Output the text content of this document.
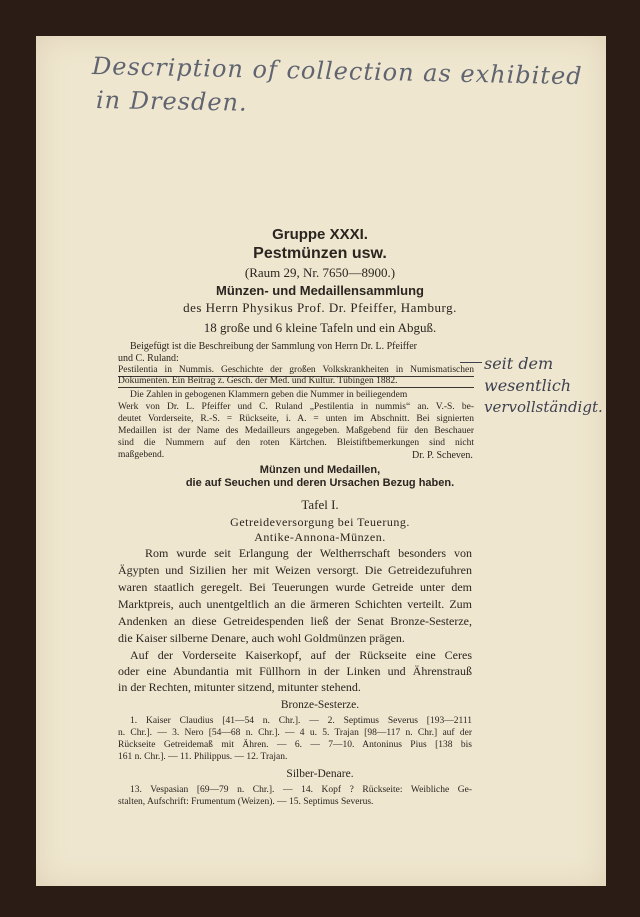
Description of collection as exhibited
in Dresden.
Gruppe XXXI.
Pestmünzen usw.
(Raum 29, Nr. 7650—8900.)
Münzen- und Medaillensammlung
des Herrn Physikus Prof. Dr. Pfeiffer, Hamburg.
18 große und 6 kleine Tafeln und ein Abguß.
Beigefügt ist die Beschreibung der Sammlung von Herrn Dr. L. Pfeiffer
und C. Ruland:
Pestilentia in Nummis. Geschichte der großen Volkskrankheiten in Numismatischen
Dokumenten. Ein Beitrag z. Gesch. der Med. und Kultur. Tübingen 1882.
Die Zahlen in gebogenen Klammern geben die Nummer in beiliegendem
Werk von Dr. L. Pfeiffer und C. Ruland „Pestilentia in nummis“ an. V.-S. be-
deutet Vorderseite, R.-S. = Rückseite, i. A. = unten im Abschnitt. Bei signierten
Medaillen ist der Name des Medailleurs angegeben. Maßgebend für den Beschauer
sind die Nummern auf den roten Kärtchen. Bleistiftbemerkungen sind nicht
maßgebend.	Dr. P. Scheven.
seit dem
wesentlich
vervollständigt.
Münzen und Medaillen,
die auf Seuchen und deren Ursachen Bezug haben.
Tafel I.
Getreideversorgung bei Teuerung.
Antike-Annona-Münzen.
Rom wurde seit Erlangung der Weltherrschaft besonders von
Ägypten und Sizilien her mit Weizen versorgt. Die Getreidezufuhren
waren staatlich geregelt. Bei Teuerungen wurde Getreide unter dem
Marktpreis, auch unentgeltlich an die ärmeren Schichten verteilt. Zum
Andenken an diese Getreidespenden ließ der Senat Bronze-Sesterze,
die Kaiser silberne Denare, auch wohl Goldmünzen prägen.
Auf der Vorderseite Kaiserkopf, auf der Rückseite eine Ceres
oder eine Abundantia mit Füllhorn in der Linken und Ährenstrauß
in der Rechten, mitunter sitzend, mitunter stehend.
Bronze-Sesterze.
1. Kaiser Claudius [41—54 n. Chr.]. — 2. Septimus Severus [193—2111
n. Chr.]. — 3. Nero [54—68 n. Chr.]. — 4 u. 5. Trajan [98—117 n. Chr.] auf der
Rückseite Getreidemaß mit Ähren. — 6. — 7—10. Antoninus Pius [138 bis
161 n. Chr.]. — 11. Philippus. — 12. Trajan.
Silber-Denare.
13. Vespasian [69—79 n. Chr.]. — 14. Kopf ? Rückseite: Weibliche Ge-
stalten, Aufschrift: Frumentum (Weizen). — 15. Septimus Severus.
